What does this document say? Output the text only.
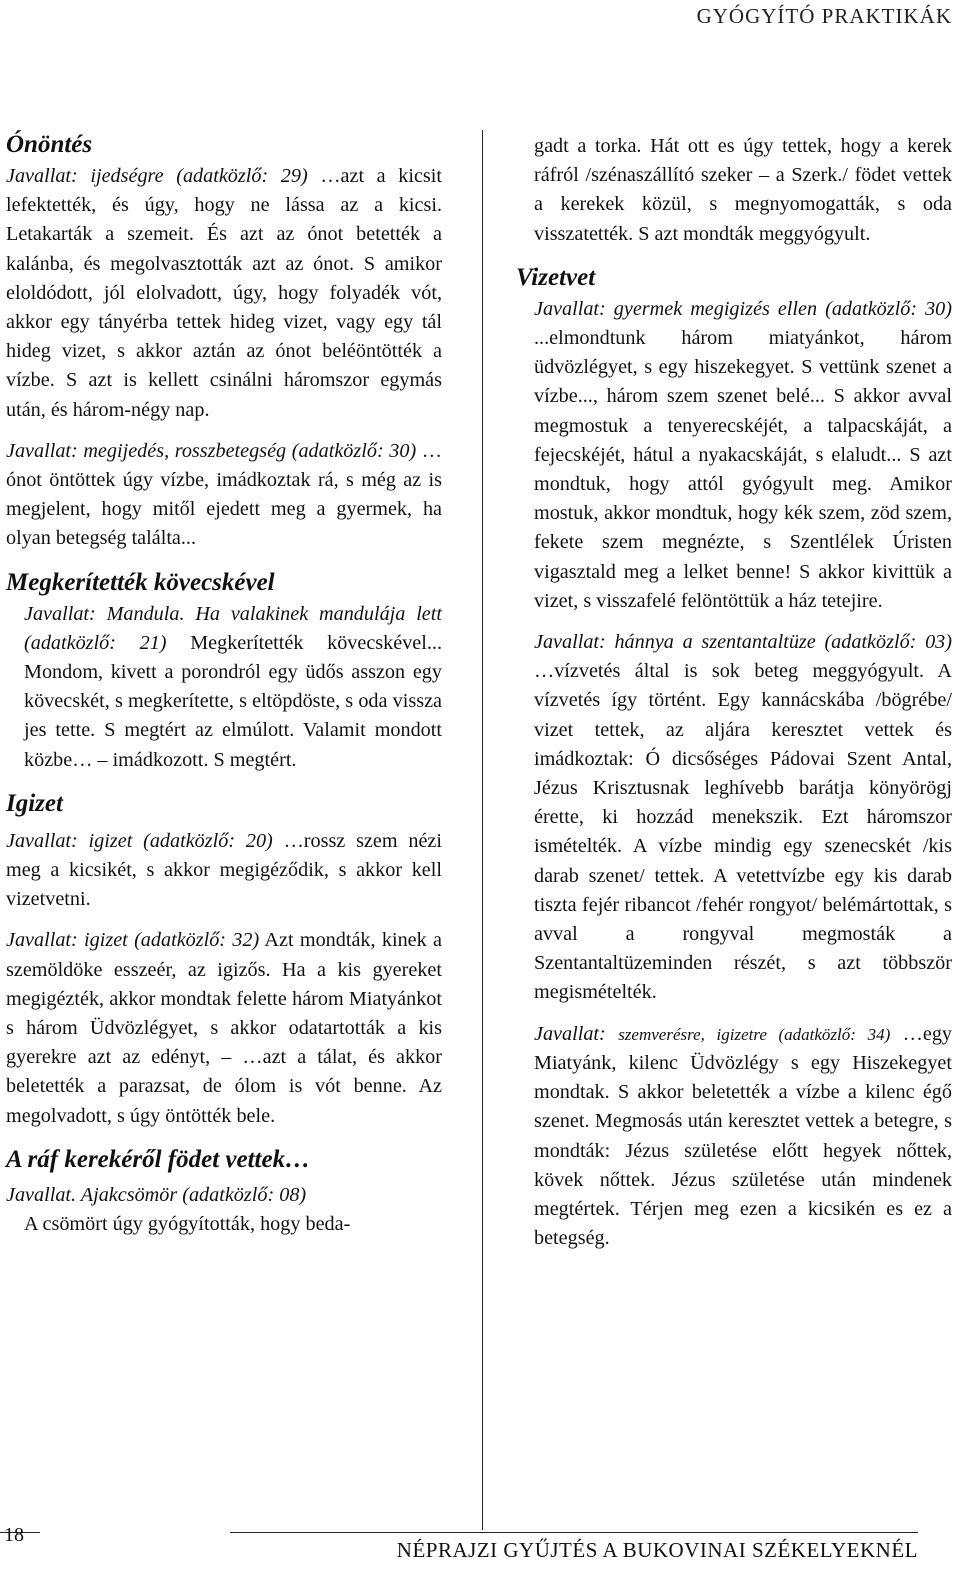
GYÓGYÍTÓ PRAKTIKÁK
Ónöntés
Javallat: ijedségre (adatközlő: 29) …azt a kicsit lefektették, és úgy, hogy ne lássa az a kicsi. Letakarták a szemeit. És azt az ónot betették a kalánba, és megolvasztották azt az ónot. S amikor eloldódott, jól elolvadott, úgy, hogy folyadék vót, akkor egy tányérba tettek hideg vizet, vagy egy tál hideg vizet, s akkor aztán az ónot beléöntötték a vízbe. S azt is kellett csinálni háromszor egymás után, és három-négy nap.
Javallat: megijedés, rosszbetegség (adatközlő: 30) …ónot öntöttek úgy vízbe, imádkoztak rá, s még az is megjelent, hogy mitől ejedett meg a gyermek, ha olyan betegség találta...
Megkerítették kövecskével
Javallat: Mandula. Ha valakinek mandulája lett (adatközlő: 21) Megkerítették kövecskével... Mondom, kivett a porondról egy üdős asszon egy kövecskét, s megkerítette, s eltöpdöste, s oda vissza jes tette. S megtért az elmúlott. Valamit mondott közbe… – imádkozott. S megtért.
Igizet
Javallat: igizet (adatközlő: 20) …rossz szem nézi meg a kicsikét, s akkor megigéződik, s akkor kell vizetvetni.
Javallat: igizet (adatközlő: 32) Azt mondták, kinek a szemöldöke esszeér, az igizős. Ha a kis gyereket megigézték, akkor mondtak felette három Miatyánkot s három Üdvözlégyet, s akkor odatartották a kis gyerekre azt az edényt, – …azt a tálat, és akkor beletették a parazsat, de ólom is vót benne. Az megolvadott, s úgy öntötték bele.
A ráf kerekéről födet vettek…
Javallat. Ajakcsömör (adatközlő: 08)
A csömört úgy gyógyították, hogy beda-
gadt a torka. Hát ott es úgy tettek, hogy a kerek ráfról /szénaszállító szeker – a Szerk./ födet vettek a kerekek közül, s megnyomogatták, s oda visszatették. S azt mondták meggyógyult.
Vizetvet
Javallat: gyermek megigizés ellen (adatközlő: 30) ...elmondtunk három miatyánkot, három üdvözlégyet, s egy hiszekegyet. S vettünk szenet a vízbe..., három szem szenet belé... S akkor avval megmostuk a tenyerecskéjét, a talpacskáját, a fejecskéjét, hátul a nyakacskáját, s elaludt... S azt mondtuk, hogy attól gyógyult meg. Amikor mostuk, akkor mondtuk, hogy kék szem, zöd szem, fekete szem megnézte, s Szentlélek Úristen vigasztald meg a lelket benne! S akkor kivittük a vizet, s visszafelé felöntöttük a ház tetejire.
Javallat: hánnya a szentantaltüze (adatközlő: 03) …vízvetés által is sok beteg meggyógyult. A vízvetés így történt. Egy kannácskába /bögrébe/ vizet tettek, az aljára keresztet vettek és imádkoztak: Ó dicsőséges Pádovai Szent Antal, Jézus Krisztusnak leghívebb barátja könyörögj érette, ki hozzád menekszik. Ezt háromszor ismételték. A vízbe mindig egy szenecskét /kis darab szenet/ tettek. A vetettvízbe egy kis darab tiszta fejér ribancot /fehér rongyot/ belémártottak, s avval a rongyval megmosták a Szentantaltüzeminden részét, s azt többször megismételték.
Javallat: szemverésre, igizetre (adatközlő: 34) …egy Miatyánk, kilenc Üdvözlégy s egy Hiszekegyet mondtak. S akkor beletették a vízbe a kilenc égő szenet. Megmosás után keresztet vettek a betegre, s mondták: Jézus születése előtt hegyek nőttek, kövek nőttek. Jézus születése után mindenek megtértek. Térjen meg ezen a kicsikén es ez a betegség.
18
NÉPRAJZI GYŰJTÉS A BUKOVINAI SZÉKELYEKNÉL
